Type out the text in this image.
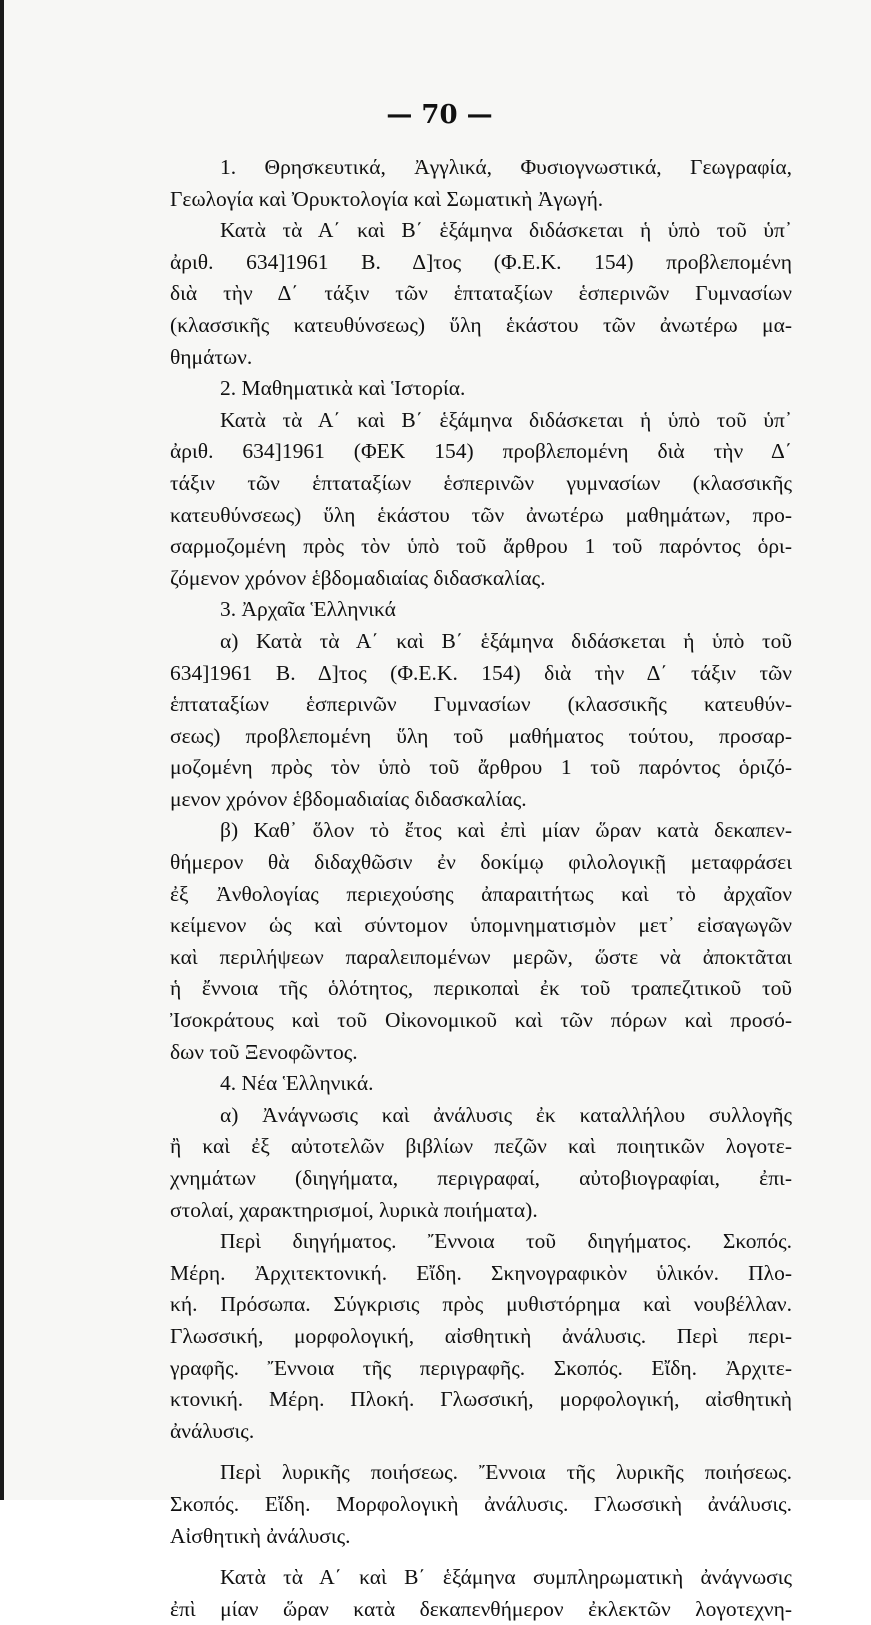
— 70 —
1. Θρησκευτικά, Ἀγγλικά, Φυσιογνωστικά, Γεωγραφία,
Γεωλογία καὶ Ὀρυκτολογία καὶ Σωματικὴ Ἀγωγή.
Κατὰ τὰ Α΄ καὶ Β΄ ἑξάμηνα διδάσκεται ἡ ὑπὸ τοῦ ὑπ᾿
ἀριθ. 634]1961 Β. Δ]τος (Φ.Ε.Κ. 154) προβλεπομένη
διὰ τὴν Δ΄ τάξιν τῶν ἑπταταξίων ἑσπερινῶν Γυμνασίων
(κλασσικῆς κατευθύνσεως) ὕλη ἑκάστου τῶν ἀνωτέρω μα-
θημάτων.
2. Μαθηματικὰ καὶ Ἱστορία.
Κατὰ τὰ Α΄ καὶ Β΄ ἑξάμηνα διδάσκεται ἡ ὑπὸ τοῦ ὑπ᾿
ἀριθ. 634]1961 (ΦΕΚ 154) προβλεπομένη διὰ τὴν Δ΄
τάξιν τῶν ἑπταταξίων ἑσπερινῶν γυμνασίων (κλασσικῆς
κατευθύνσεως) ὕλη ἑκάστου τῶν ἀνωτέρω μαθημάτων, προ-
σαρμοζομένη πρὸς τὸν ὑπὸ τοῦ ἄρθρου 1 τοῦ παρόντος ὁρι-
ζόμενον χρόνον ἑβδομαδιαίας διδασκαλίας.
3. Ἀρχαῖα Ἑλληνικά
α) Κατὰ τὰ Α΄ καὶ Β΄ ἑξάμηνα διδάσκεται ἡ ὑπὸ τοῦ
634]1961 Β. Δ]τος (Φ.Ε.Κ. 154) διὰ τὴν Δ΄ τάξιν τῶν
ἑπταταξίων ἑσπερινῶν Γυμνασίων (κλασσικῆς κατευθύν-
σεως) προβλεπομένη ὕλη τοῦ μαθήματος τούτου, προσαρ-
μοζομένη πρὸς τὸν ὑπὸ τοῦ ἄρθρου 1 τοῦ παρόντος ὁριζό-
μενον χρόνον ἑβδομαδιαίας διδασκαλίας.
β) Καθ᾿ ὅλον τὸ ἔτος καὶ ἐπὶ μίαν ὥραν κατὰ δεκαπεν-
θήμερον θὰ διδαχθῶσιν ἐν δοκίμῳ φιλολογικῇ μεταφράσει
ἐξ Ἀνθολογίας περιεχούσης ἀπαραιτήτως καὶ τὸ ἀρχαῖον
κείμενον ὡς καὶ σύντομον ὑπομνηματισμὸν μετ᾿ εἰσαγωγῶν
καὶ περιλήψεων παραλειπομένων μερῶν, ὥστε νὰ ἀποκτᾶται
ἡ ἔννοια τῆς ὁλότητος, περικοπαὶ ἐκ τοῦ τραπεζιτικοῦ τοῦ
Ἰσοκράτους καὶ τοῦ Οἰκονομικοῦ καὶ τῶν πόρων καὶ προσό-
δων τοῦ Ξενοφῶντος.
4. Νέα Ἑλληνικά.
α) Ἀνάγνωσις καὶ ἀνάλυσις ἐκ καταλλήλου συλλογῆς
ἢ καὶ ἐξ αὐτοτελῶν βιβλίων πεζῶν καὶ ποιητικῶν λογοτε-
χνημάτων (διηγήματα, περιγραφαί, αὐτοβιογραφίαι, ἐπι-
στολαί, χαρακτηρισμοί, λυρικὰ ποιήματα).
Περὶ διηγήματος. Ἔννοια τοῦ διηγήματος. Σκοπός.
Μέρη. Ἀρχιτεκτονική. Εἴδη. Σκηνογραφικὸν ὑλικόν. Πλο-
κή. Πρόσωπα. Σύγκρισις πρὸς μυθιστόρημα καὶ νουβέλλαν.
Γλωσσική, μορφολογική, αἰσθητικὴ ἀνάλυσις. Περὶ περι-
γραφῆς. Ἔννοια τῆς περιγραφῆς. Σκοπός. Εἴδη. Ἀρχιτε-
κτονική. Μέρη. Πλοκή. Γλωσσική, μορφολογική, αἰσθητικὴ
ἀνάλυσις.
Περὶ λυρικῆς ποιήσεως. Ἔννοια τῆς λυρικῆς ποιήσεως.
Σκοπός. Εἴδη. Μορφολογικὴ ἀνάλυσις. Γλωσσικὴ ἀνάλυσις.
Αἰσθητικὴ ἀνάλυσις.
Κατὰ τὰ Α΄ καὶ Β΄ ἑξάμηνα συμπληρωματικὴ ἀνάγνωσις
ἐπὶ μίαν ὥραν κατὰ δεκαπενθήμερον ἐκλεκτῶν λογοτεχνη-
